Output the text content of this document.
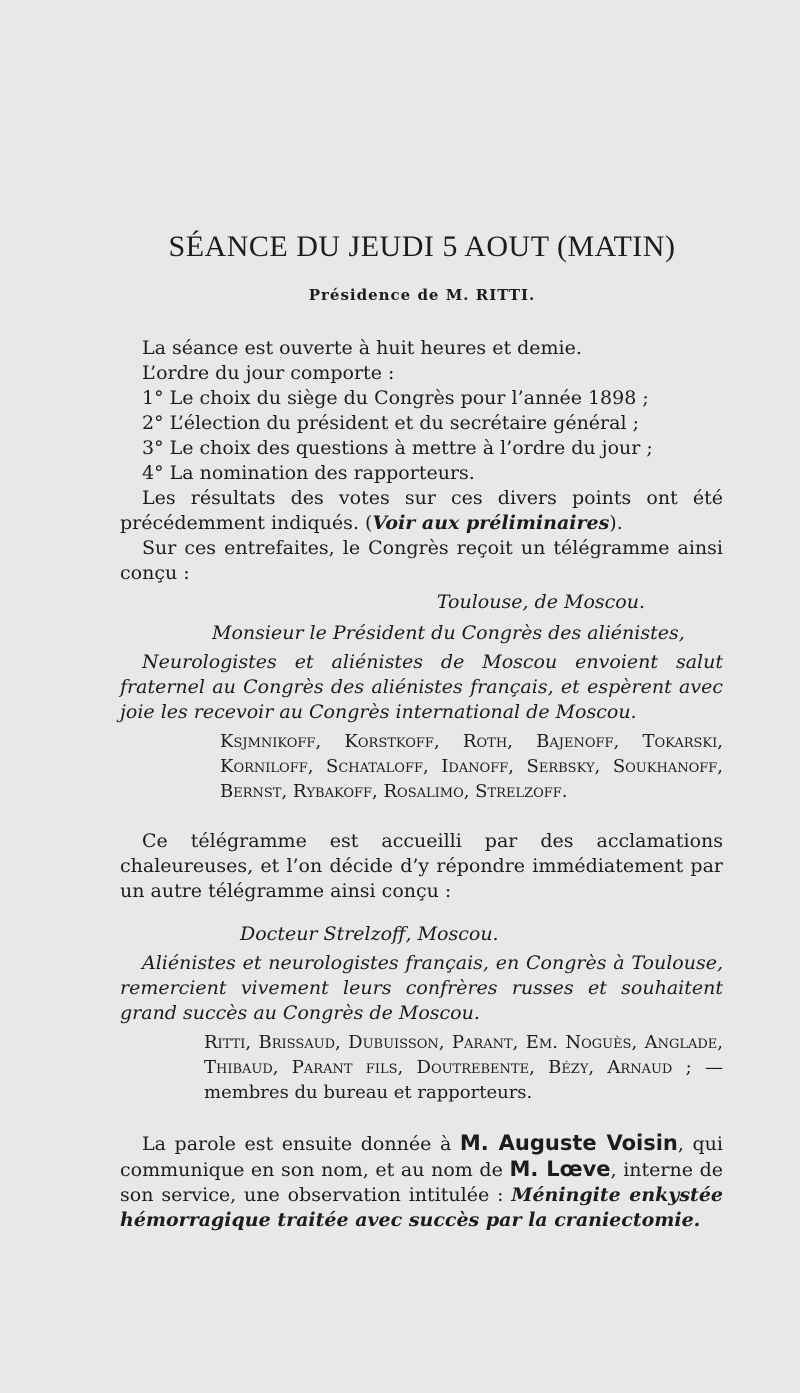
SÉANCE DU JEUDI 5 AOUT (MATIN)
Présidence de M. RITTI.

La séance est ouverte à huit heures et demie.

L’ordre du jour comporte :

1° Le choix du siège du Congrès pour l’année 1898 ;

2° L’élection du président et du secrétaire général ;

3° Le choix des questions à mettre à l’ordre du jour ;

4° La nomination des rapporteurs.

Les résultats des votes sur ces divers points ont été précédemment indiqués. (Voir aux préliminaires).

Sur ces entrefaites, le Congrès reçoit un télégramme ainsi conçu :

Toulouse, de Moscou.

Monsieur le Président du Congrès des aliénistes,

Neurologistes et aliénistes de Moscou envoient salut fraternel au Congrès des aliénistes français, et espèrent avec joie les recevoir au Congrès international de Moscou.

Ksjmnikoff, Korstkoff, Roth, Bajenoff, Tokarski, Korniloff, Schataloff, Idanoff, Serbsky, Soukhanoff, Bernst, Rybakoff, Rosalimo, Strelzoff.

Ce télégramme est accueilli par des acclamations chaleureuses, et l’on décide d’y répondre immédiatement par un autre télégramme ainsi conçu :

Docteur Strelzoff, Moscou.

Aliénistes et neurologistes français, en Congrès à Toulouse, remercient vivement leurs confrères russes et souhaitent grand succès au Congrès de Moscou.

Ritti, Brissaud, Dubuisson, Parant, Em. Noguès, Anglade, Thibaud, Parant fils, Doutrebente, Bézy, Arnaud ; — membres du bureau et rapporteurs.

La parole est ensuite donnée à M. Auguste Voisin, qui communique en son nom, et au nom de M. Lœve, interne de son service, une observation intitulée : Méningite enkystée hémorragique traitée avec succès par la craniectomie.
